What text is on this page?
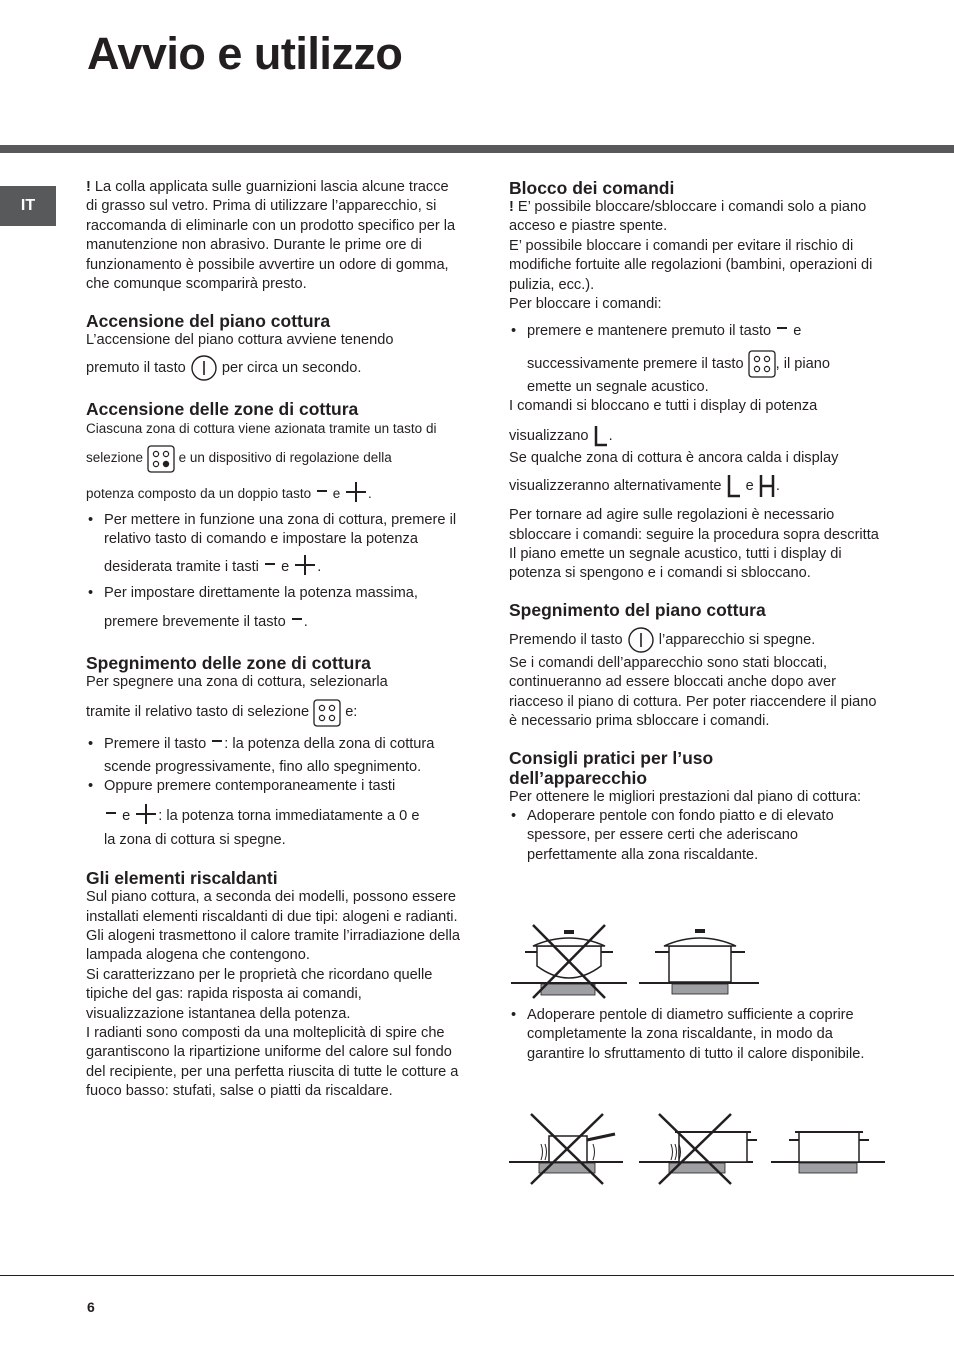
Avvio e utilizzo
IT

! La colla applicata sulle guarnizioni lascia alcune tracce di grasso sul vetro. Prima di utilizzare l’apparecchio, si raccomanda di eliminarle con un prodotto specifico per la manutenzione non abrasivo. Durante le prime ore di funzionamento è possibile avvertire un odore di gomma, che comunque scomparirà presto.

Accensione del piano cottura

L’accensione del piano cottura avviene tenendo

premuto il tasto per circa un secondo.

Accensione delle zone di cottura

Ciascuna zona di cottura viene azionata tramite un tasto di

selezione	e un dispositivo di regolazione della

potenza composto da un doppio tasto e .

• Per mettere in funzione una zona di cottura, premere il relativo tasto di comando e impostare la potenza
desiderata tramite i tasti e .
• Per impostare direttamente la potenza massima,
premere brevemente il tasto .
Spegnimento delle zone di cottura

Per spegnere una zona di cottura, selezionarla

tramite il relativo tasto di selezione e:

• Premere il tasto : la potenza della zona di cottura
scende progressivamente, fino allo spegnimento.
• Oppure premere contemporaneamente i tasti
e : la potenza torna immediatamente a 0 e
la zona di cottura si spegne.
Gli elementi riscaldanti

Sul piano cottura, a seconda dei modelli, possono essere installati elementi riscaldanti di due tipi: alogeni e radianti.

Gli alogeni trasmettono il calore tramite l’irradiazione della lampada alogena che contengono.

Si caratterizzano per le proprietà che ricordano quelle tipiche del gas: rapida risposta ai comandi, visualizzazione istantanea della potenza.

I radianti sono composti da una molteplicità di spire che garantiscono la ripartizione uniforme del calore sul fondo del recipiente, per una perfetta riuscita di tutte le cotture a fuoco basso: stufati, salse o piatti da riscaldare.

Blocco dei comandi

! E’ possibile bloccare/sbloccare i comandi solo a piano acceso e piastre spente.

E’ possibile bloccare i comandi per evitare il rischio di modifiche fortuite alle regolazioni (bambini, operazioni di pulizia, ecc.).

Per bloccare i comandi:

• premere e mantenere premuto il tasto e
successivamente premere il tasto , il piano
emette un segnale acustico.

I comandi si bloccano e tutti i display di potenza

visualizzano .

Se qualche zona di cottura è ancora calda i display

visualizzeranno alternativamente e .

Per tornare ad agire sulle regolazioni è necessario sbloccare i comandi: seguire la procedura sopra descritta

Il piano emette un segnale acustico, tutti i display di potenza si spengono e i comandi si sbloccano.

Spegnimento del piano cottura

Premendo il tasto l’apparecchio si spegne.

Se i comandi dell’apparecchio sono stati bloccati, continueranno ad essere bloccati anche dopo aver riacceso il piano di cottura. Per poter riaccendere il piano è necessario prima sbloccare i comandi.

Consigli pratici per l’uso
dell’apparecchio

Per ottenere le migliori prestazioni dal piano di cottura:

• Adoperare pentole con fondo piatto e di elevato spessore, per essere certi che aderiscano perfettamente alla zona riscaldante.
• Adoperare pentole di diametro sufficiente a coprire completamente la zona riscaldante, in modo da
garantire lo sfruttamento di tutto il calore disponibile.
6
